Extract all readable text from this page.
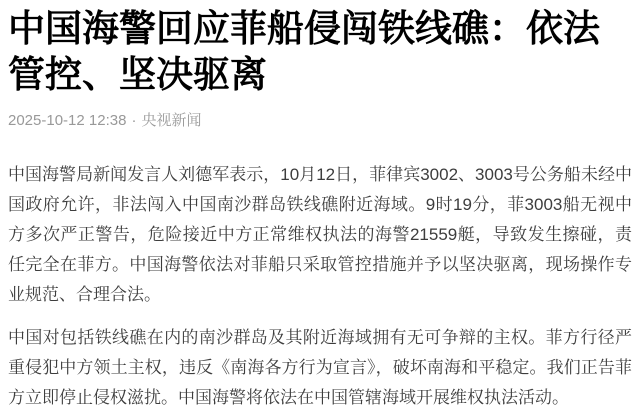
中国海警回应菲船侵闯铁线礁：依法管控、坚决驱离
2025-10-12 12:38 · 央视新闻

中国海警局新闻发言人刘德军表示，10月12日，菲律宾3002、3003号公务船未经中国政府允许，非法闯入中国南沙群岛铁线礁附近海域。9时19分，菲3003船无视中方多次严正警告，危险接近中方正常维权执法的海警21559艇，导致发生擦碰，责任完全在菲方。中国海警依法对菲船只采取管控措施并予以坚决驱离，现场操作专业规范、合理合法。

中国对包括铁线礁在内的南沙群岛及其附近海域拥有无可争辩的主权。菲方行径严重侵犯中方领土主权，违反《南海各方行为宣言》，破坏南海和平稳定。我们正告菲方立即停止侵权滋扰。中国海警将依法在中国管辖海域开展维权执法活动。
